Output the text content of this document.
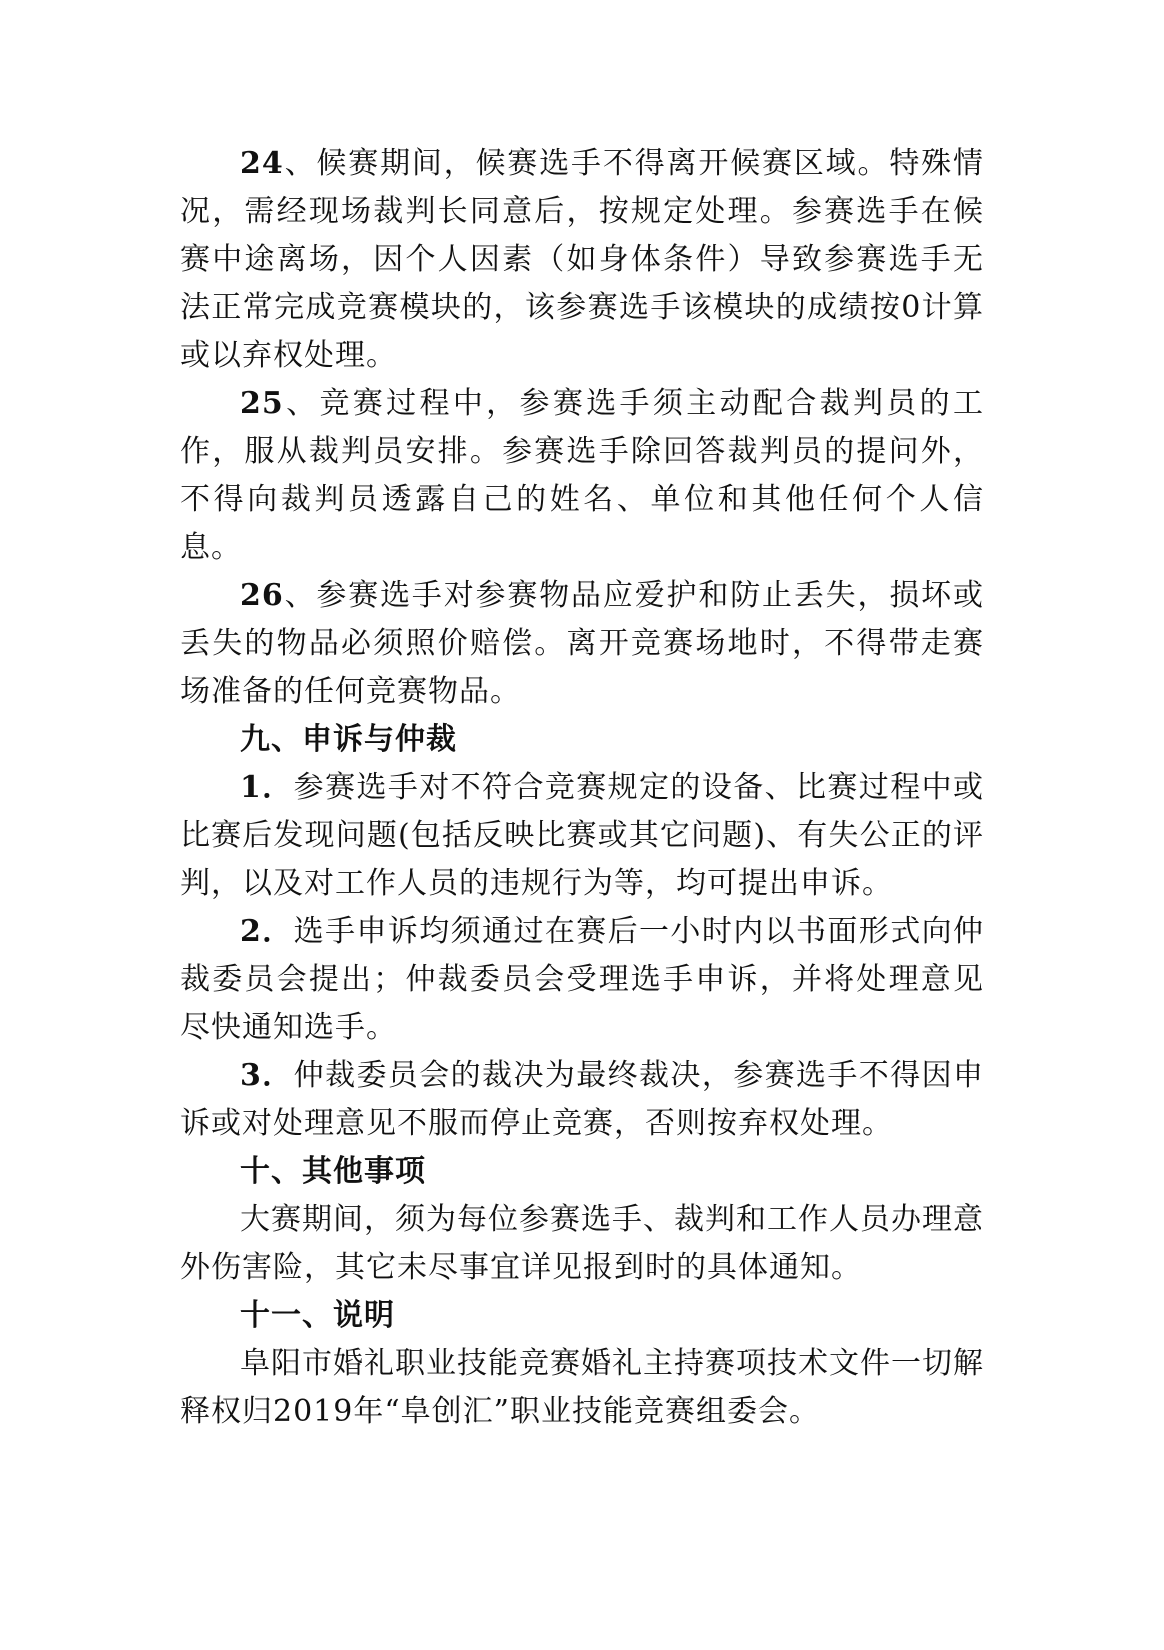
24、候赛期间，候赛选手不得离开候赛区域。特殊情况，需经现场裁判长同意后，按规定处理。参赛选手在候赛中途离场，因个人因素（如身体条件）导致参赛选手无法正常完成竞赛模块的，该参赛选手该模块的成绩按0计算或以弃权处理。

25、竞赛过程中，参赛选手须主动配合裁判员的工作，服从裁判员安排。参赛选手除回答裁判员的提问外，不得向裁判员透露自己的姓名、单位和其他任何个人信息。

26、参赛选手对参赛物品应爱护和防止丢失，损坏或丢失的物品必须照价赔偿。离开竞赛场地时，不得带走赛场准备的任何竞赛物品。

九、申诉与仲裁

1．参赛选手对不符合竞赛规定的设备、比赛过程中或比赛后发现问题(包括反映比赛或其它问题)、有失公正的评判，以及对工作人员的违规行为等，均可提出申诉。

2．选手申诉均须通过在赛后一小时内以书面形式向仲裁委员会提出；仲裁委员会受理选手申诉，并将处理意见尽快通知选手。

3．仲裁委员会的裁决为最终裁决，参赛选手不得因申诉或对处理意见不服而停止竞赛，否则按弃权处理。

十、其他事项

大赛期间，须为每位参赛选手、裁判和工作人员办理意外伤害险，其它未尽事宜详见报到时的具体通知。

十一、说明

阜阳市婚礼职业技能竞赛婚礼主持赛项技术文件一切解释权归2019年“阜创汇”职业技能竞赛组委会。
